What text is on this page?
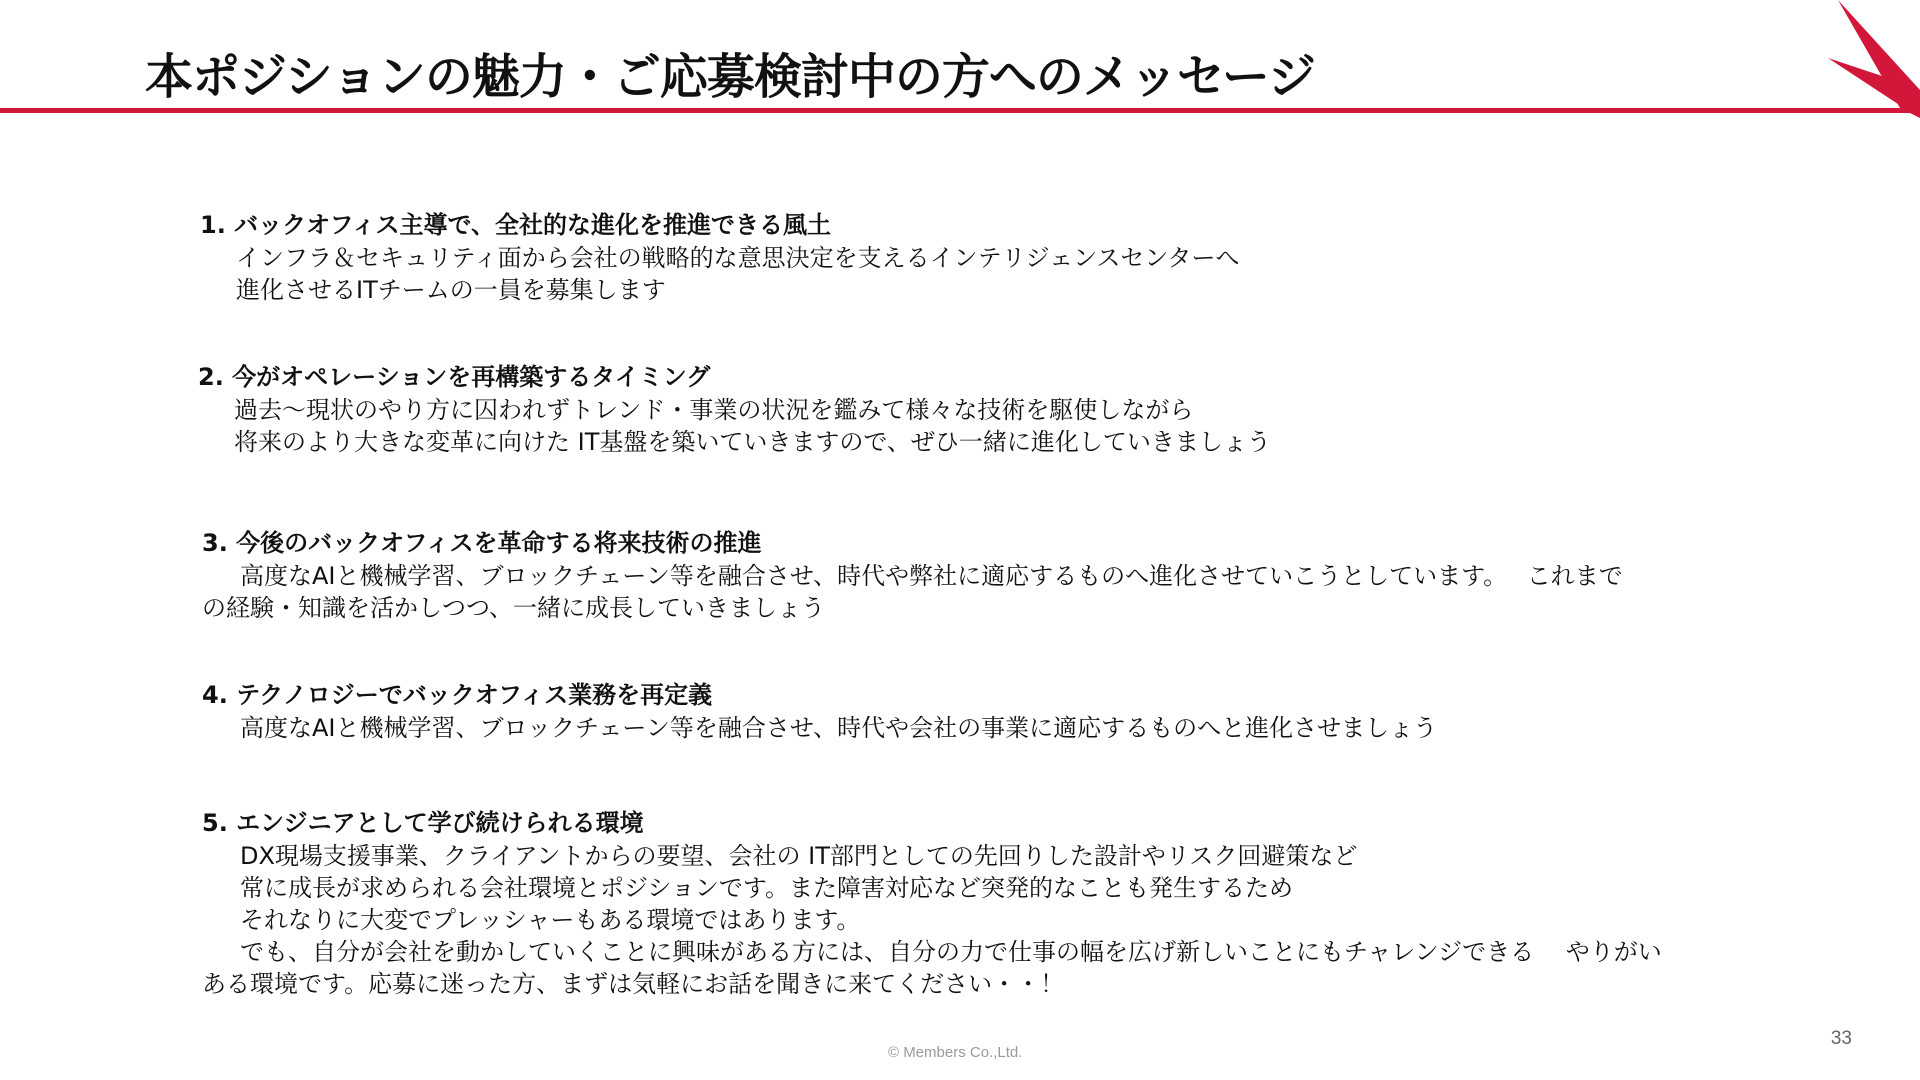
本ポジションの魅力・ご応募検討中の方へのメッセージ
1. バックオフィス主導で、全社的な進化を推進できる風土
インフラ＆セキュリティ面から会社の戦略的な意思決定を支えるインテリジェンスセンターへ
進化させるITチームの一員を募集します
2. 今がオペレーションを再構築するタイミング
過去～現状のやり方に囚われずトレンド・事業の状況を鑑みて様々な技術を駆使しながら
将来のより大きな変革に向けた IT基盤を築いていきますので、ぜひ一緒に進化していきましょう
3. 今後のバックオフィスを革命する将来技術の推進
高度なAIと機械学習、ブロックチェーン等を融合させ、時代や弊社に適応するものへ進化させていこうとしています。　 これまで
の経験・知識を活かしつつ、一緒に成長していきましょう
4. テクノロジーでバックオフィス業務を再定義
高度なAIと機械学習、ブロックチェーン等を融合させ、時代や会社の事業に適応するものへと進化させましょう
5. エンジニアとして学び続けられる環境
DX現場支援事業、クライアントからの要望、会社の IT部門としての先回りした設計やリスク回避策など
常に成長が求められる会社環境とポジションです。また障害対応など突発的なことも発生するため
それなりに大変でプレッシャーもある環境ではあります。
でも、自分が会社を動かしていくことに興味がある方には、自分の力で仕事の幅を広げ新しいことにもチャレンジできる　 やりがい
ある環境です。応募に迷った方、まずは気軽にお話を聞きに来てください・・！
33
© Members Co.,Ltd.
